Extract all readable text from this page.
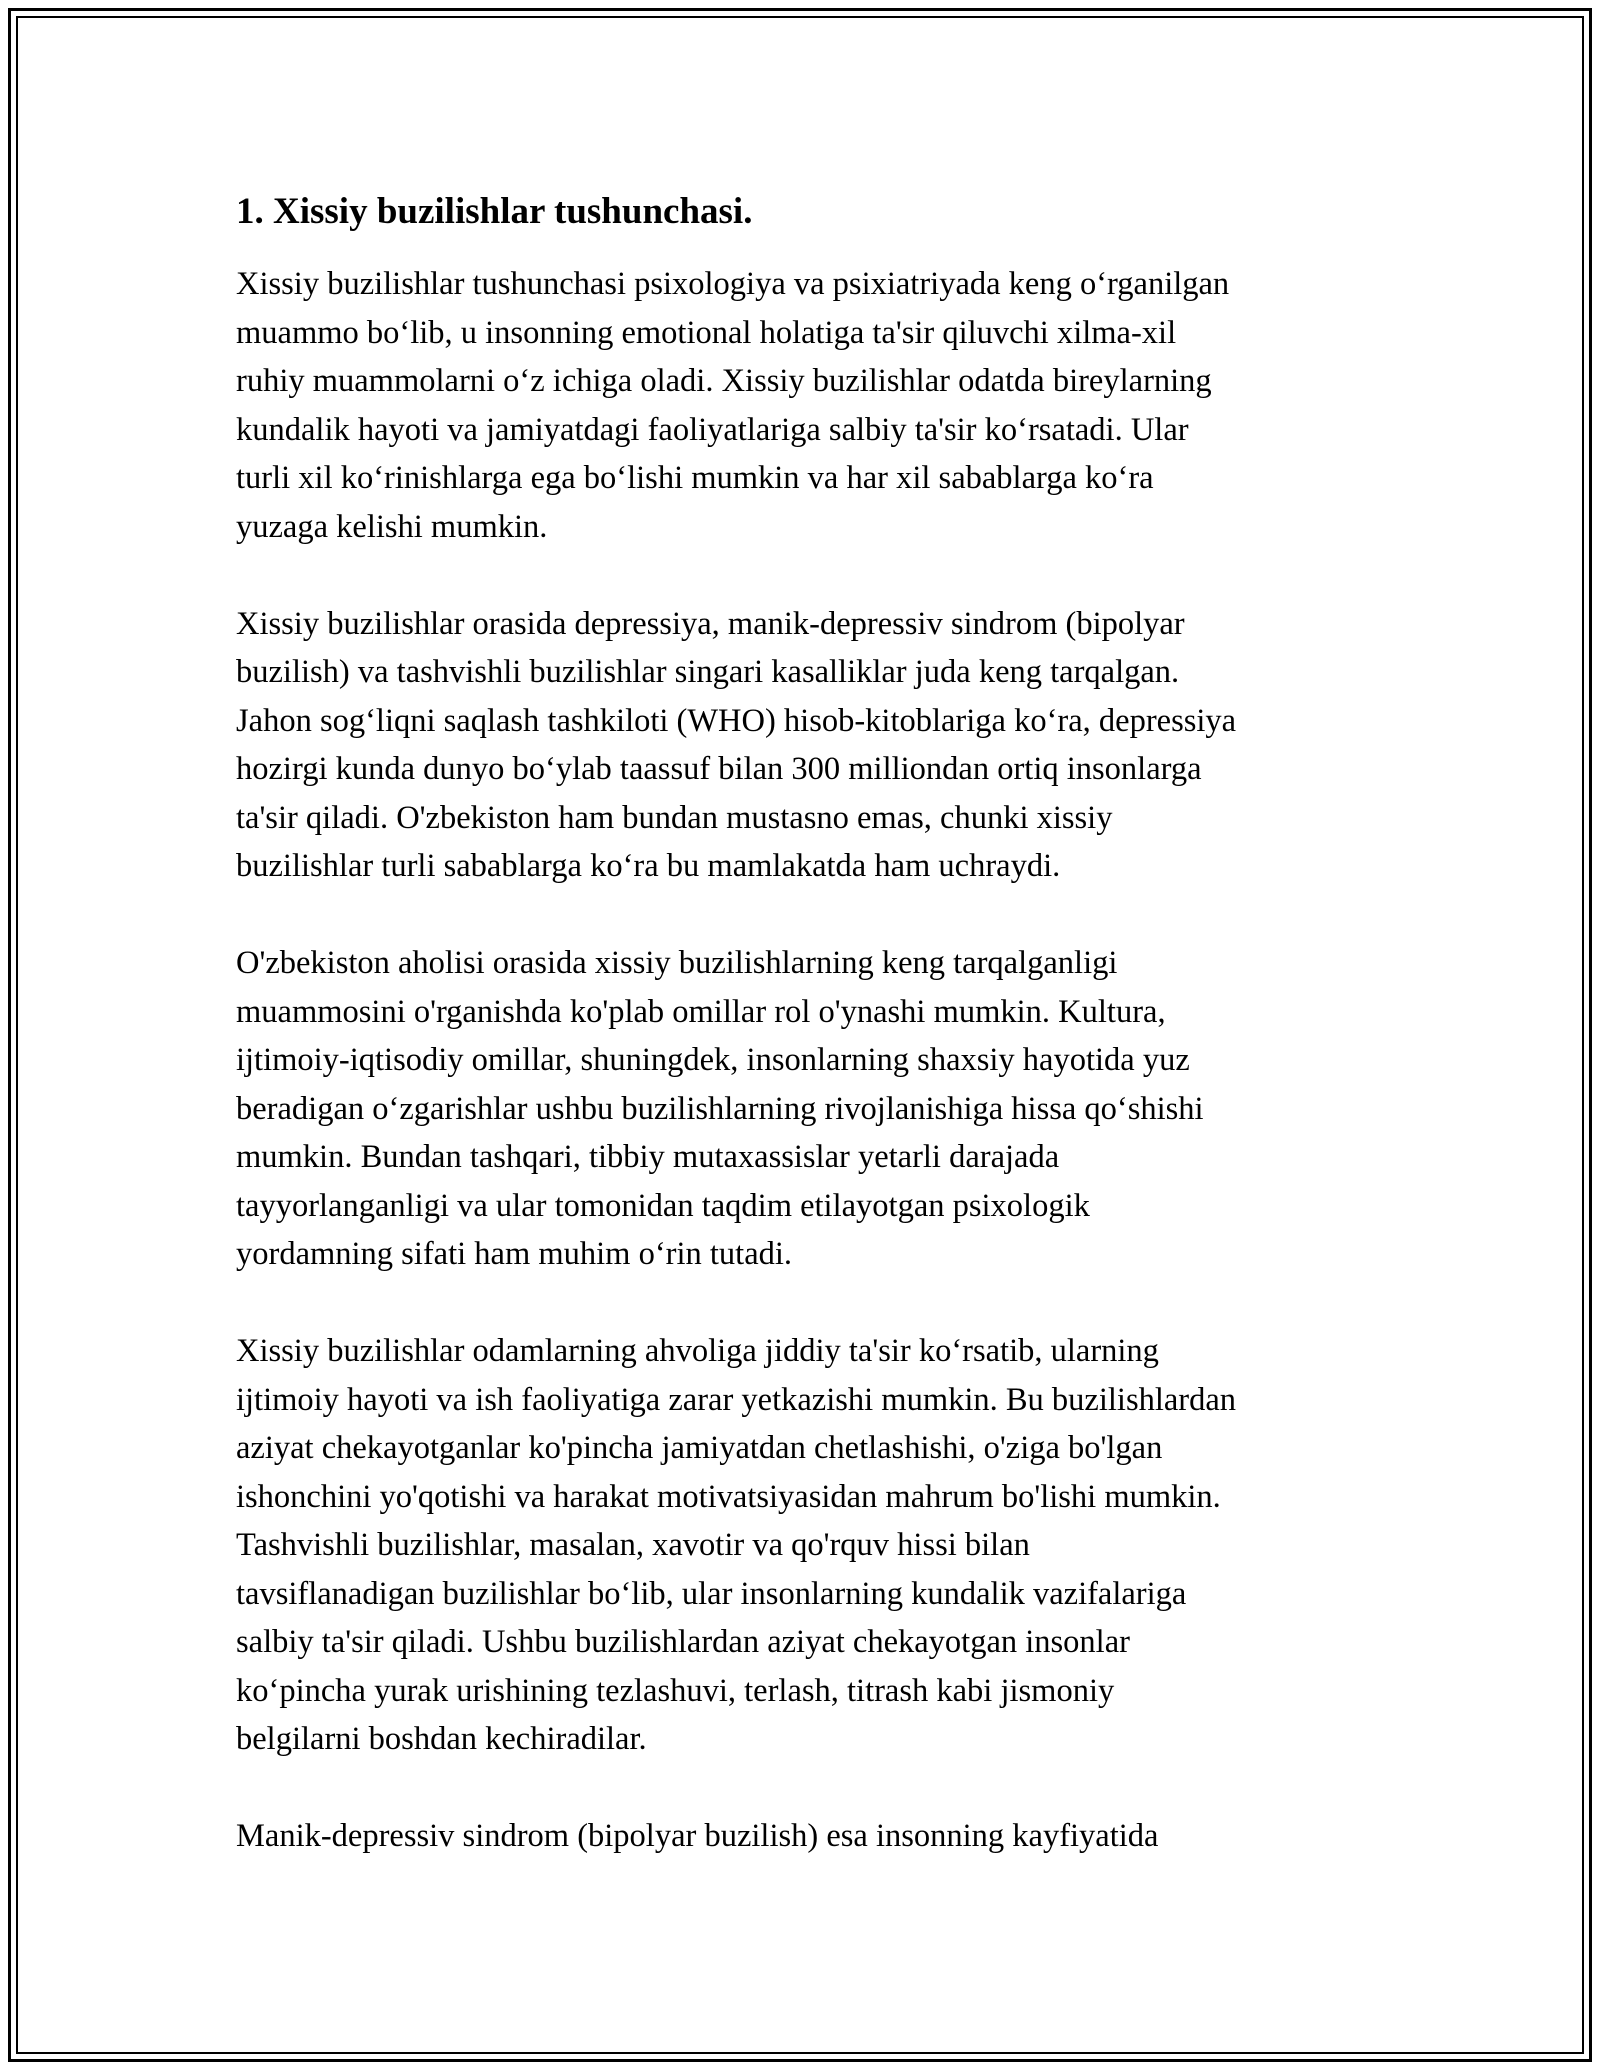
1. Xissiy buzilishlar tushunchasi.

Xissiy buzilishlar tushunchasi psixologiya va psixiatriyada keng o‘rganilgan
muammo bo‘lib, u insonning emotional holatiga ta'sir qiluvchi xilma-xil
ruhiy muammolarni o‘z ichiga oladi. Xissiy buzilishlar odatda bireylarning
kundalik hayoti va jamiyatdagi faoliyatlariga salbiy ta'sir ko‘rsatadi. Ular
turli xil ko‘rinishlarga ega bo‘lishi mumkin va har xil sabablarga ko‘ra
yuzaga kelishi mumkin.

Xissiy buzilishlar orasida depressiya, manik-depressiv sindrom (bipolyar
buzilish) va tashvishli buzilishlar singari kasalliklar juda keng tarqalgan.
Jahon sog‘liqni saqlash tashkiloti (WHO) hisob-kitoblariga ko‘ra, depressiya
hozirgi kunda dunyo bo‘ylab taassuf bilan 300 milliondan ortiq insonlarga
ta'sir qiladi. O'zbekiston ham bundan mustasno emas, chunki xissiy
buzilishlar turli sabablarga ko‘ra bu mamlakatda ham uchraydi.

O'zbekiston aholisi orasida xissiy buzilishlarning keng tarqalganligi
muammosini o'rganishda ko'plab omillar rol o'ynashi mumkin. Kultura,
ijtimoiy-iqtisodiy omillar, shuningdek, insonlarning shaxsiy hayotida yuz
beradigan o‘zgarishlar ushbu buzilishlarning rivojlanishiga hissa qo‘shishi
mumkin. Bundan tashqari, tibbiy mutaxassislar yetarli darajada
tayyorlanganligi va ular tomonidan taqdim etilayotgan psixologik
yordamning sifati ham muhim o‘rin tutadi.

Xissiy buzilishlar odamlarning ahvoliga jiddiy ta'sir ko‘rsatib, ularning
ijtimoiy hayoti va ish faoliyatiga zarar yetkazishi mumkin. Bu buzilishlardan
aziyat chekayotganlar ko'pincha jamiyatdan chetlashishi, o'ziga bo'lgan
ishonchini yo'qotishi va harakat motivatsiyasidan mahrum bo'lishi mumkin.
Tashvishli buzilishlar, masalan, xavotir va qo'rquv hissi bilan
tavsiflanadigan buzilishlar bo‘lib, ular insonlarning kundalik vazifalariga
salbiy ta'sir qiladi. Ushbu buzilishlardan aziyat chekayotgan insonlar
ko‘pincha yurak urishining tezlashuvi, terlash, titrash kabi jismoniy
belgilarni boshdan kechiradilar.

Manik-depressiv sindrom (bipolyar buzilish) esa insonning kayfiyatida
